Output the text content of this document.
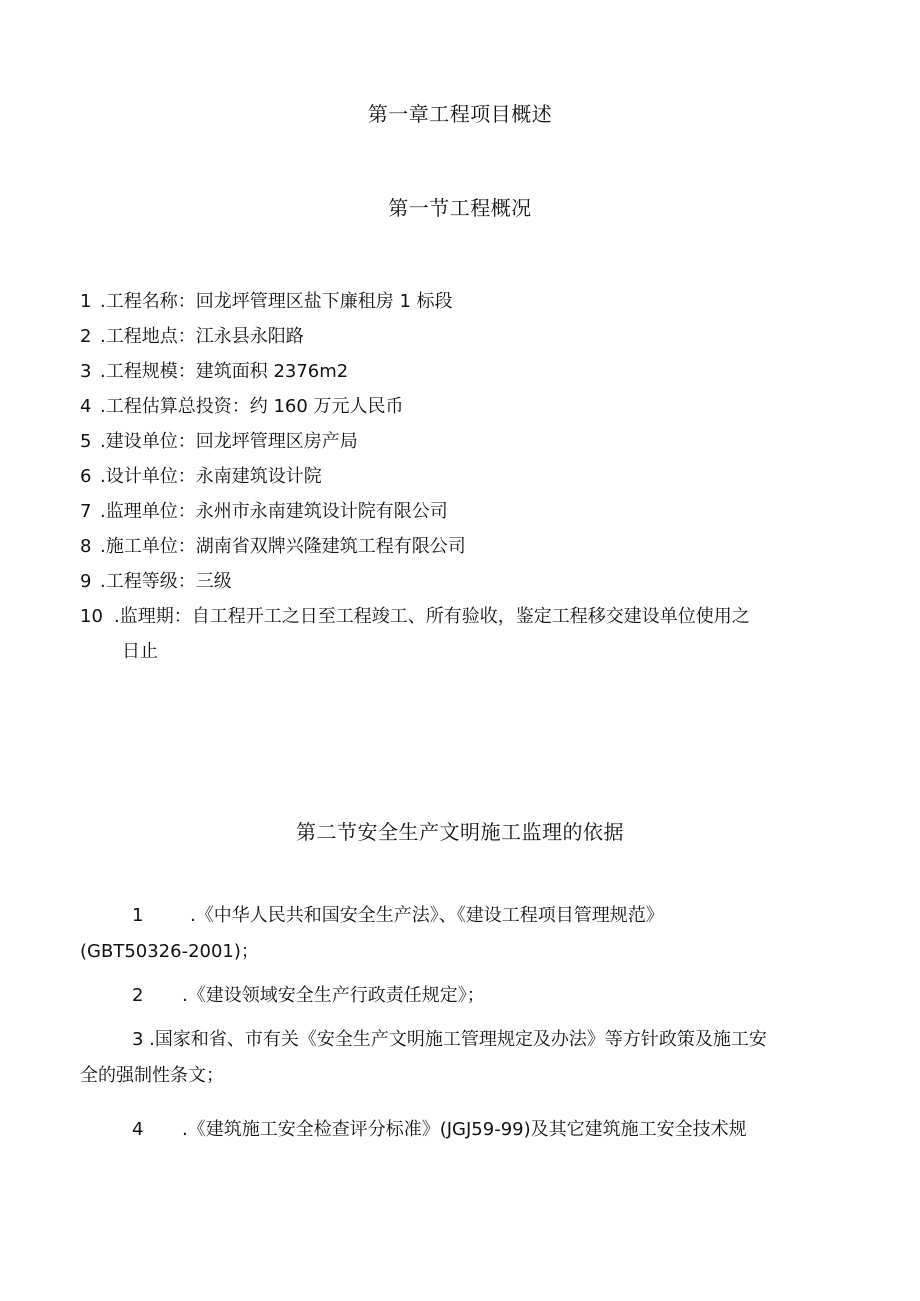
第一章工程项目概述
第一节工程概况
1 .工程名称：回龙坪管理区盐下廉租房 1 标段
2 .工程地点：江永县永阳路
3 .工程规模：建筑面积 2376m2
4 .工程估算总投资：约 160 万元人民币
5 .建设单位：回龙坪管理区房产局
6 .设计单位：永南建筑设计院
7 .监理单位：永州市永南建筑设计院有限公司
8 .施工单位：湖南省双牌兴隆建筑工程有限公司
9 .工程等级：三级
10 .监理期：自工程开工之日至工程竣工、所有验收，鉴定工程移交建设单位使用之
日止
第二节安全生产文明施工监理的依据
1	.《中华人民共和国安全生产法》、《建设工程项目管理规范》
(GBT50326-2001)；
2 .《建设领域安全生产行政责任规定》；
3 .国家和省、市有关《安全生产文明施工管理规定及办法》等方针政策及施工安
全的强制性条文；
4 .《建筑施工安全检查评分标准》(JGJ59-99)及其它建筑施工安全技术规
